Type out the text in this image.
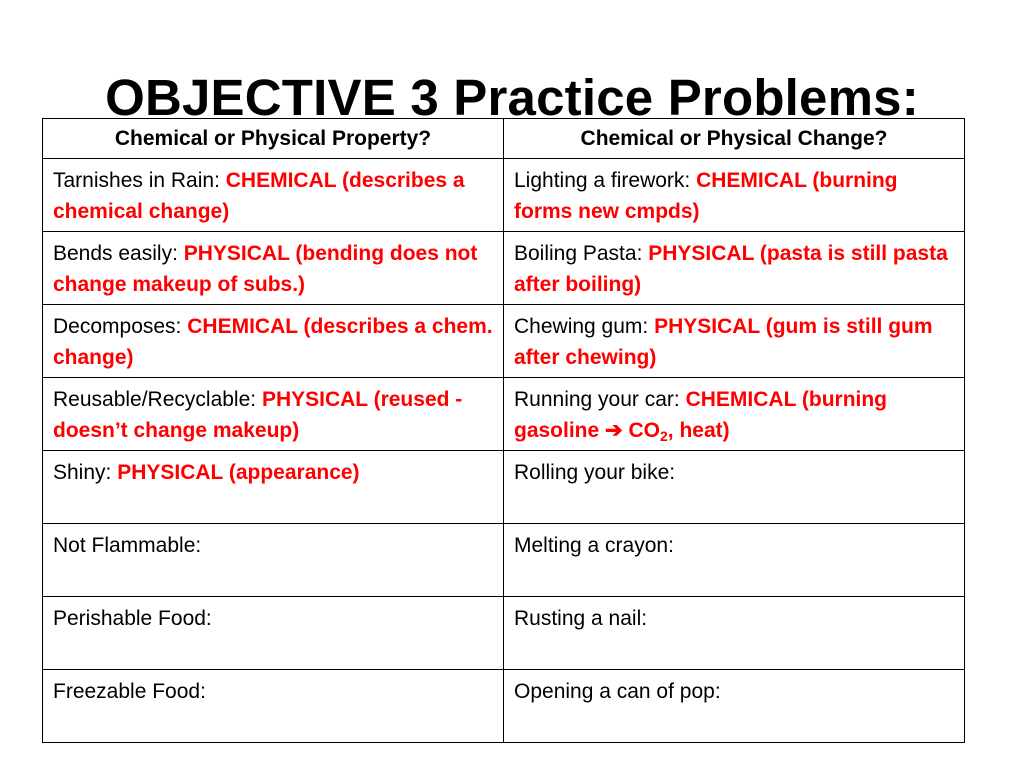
OBJECTIVE 3 Practice Problems:
Chemical or Physical Property?	Chemical or Physical Change?
Tarnishes in Rain: CHEMICAL (describes a chemical change)	Lighting a firework: CHEMICAL (burning forms new cmpds)
Bends easily: PHYSICAL (bending does not change makeup of subs.)	Boiling Pasta: PHYSICAL (pasta is still pasta after boiling)
Decomposes: CHEMICAL (describes a chem. change)	Chewing gum: PHYSICAL (gum is still gum after chewing)
Reusable/Recyclable: PHYSICAL (reused - doesn’t change makeup)	Running your car: CHEMICAL (burning gasoline ➔ $CO_2$, heat)
Shiny: PHYSICAL (appearance)	Rolling your bike:
Not Flammable:	Melting a crayon:
Perishable Food:	Rusting a nail:
Freezable Food:	Opening a can of pop:
